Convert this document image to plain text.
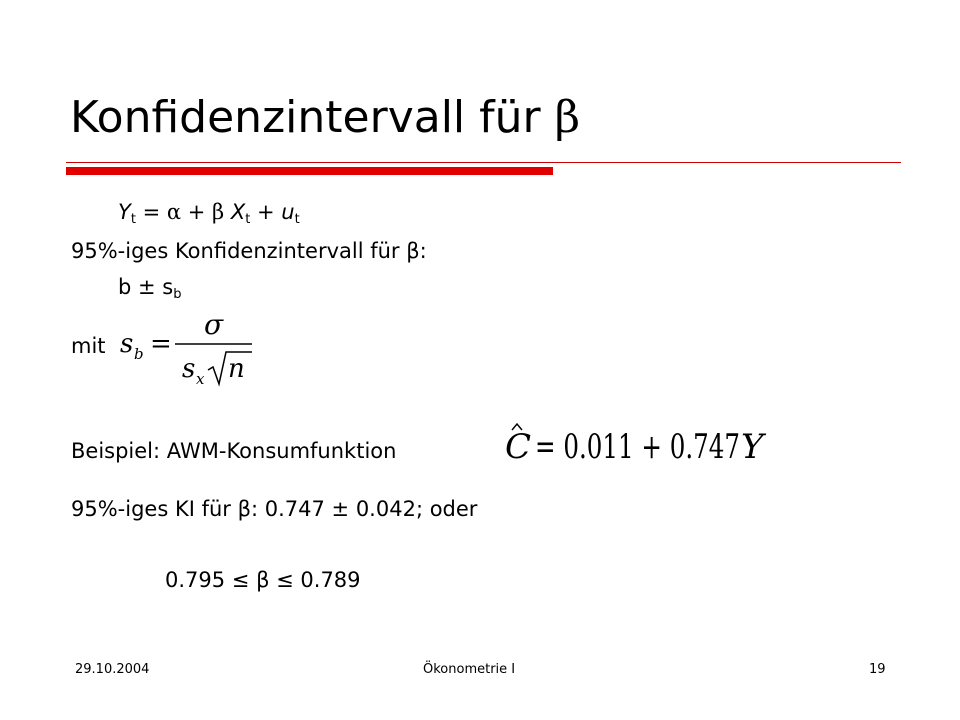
Konfidenzintervall für β
$Y_t = \alpha + \beta$ $X_t + u_t$
95%-iges Konfidenzintervall für β:
$b \pm s_b$
mit s b =
σ
s x n
Beispiel: AWM-Konsumfunktion	C = 0.011 + 0.747 Y
95%-iges KI für β: 0.747 ± 0.042; oder
0.795 ≤ β ≤ 0.789
29.10.2004	Ökonometrie I	19
